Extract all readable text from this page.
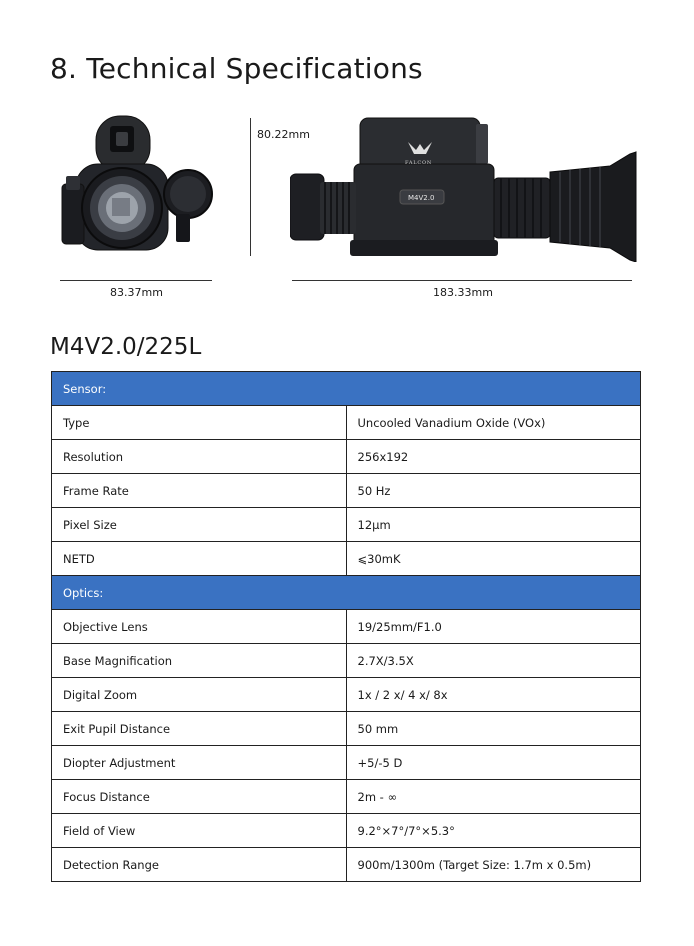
8. Technical Specifications
83.37mm
80.22mm
M4V2.0
FALCON
183.33mm
M4V2.0/225L
Sensor:	
Type	Uncooled Vanadium Oxide (VOx)
Resolution	256x192
Frame Rate	50 Hz
Pixel Size	12μm
NETD	⩽30mK
Optics:	
Objective Lens	19/25mm/F1.0
Base Magnification	2.7X/3.5X
Digital Zoom	1x / 2 x/ 4 x/ 8x
Exit Pupil Distance	50 mm
Diopter Adjustment	+5/-5 D
Focus Distance	2m - ∞
Field of View	9.2°×7°/7°×5.3°
Detection Range	900m/1300m (Target Size: 1.7m x 0.5m)
